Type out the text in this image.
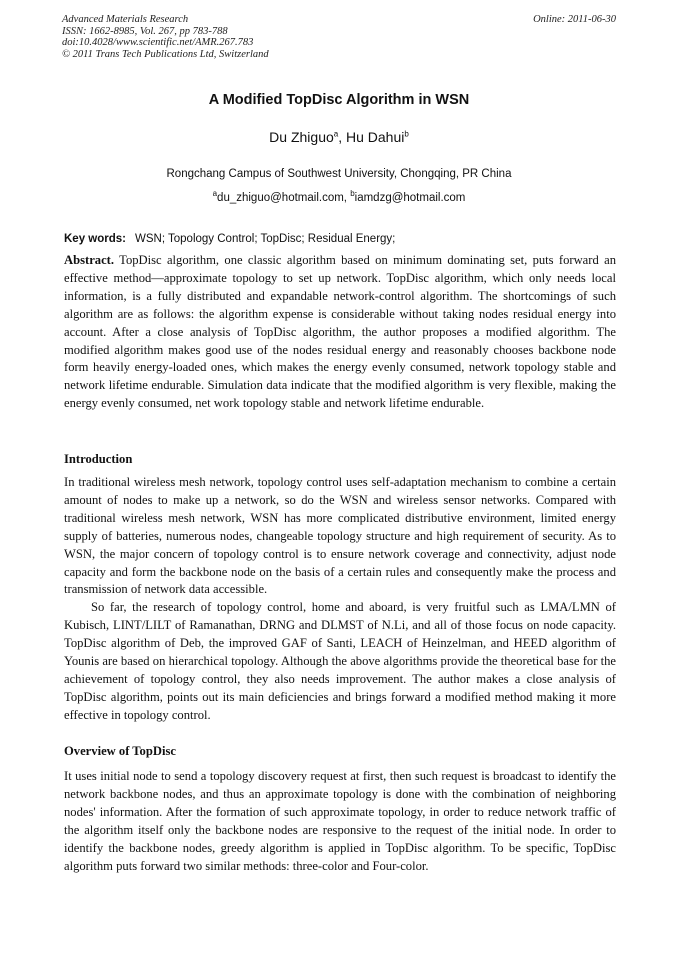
Advanced Materials Research
ISSN: 1662-8985, Vol. 267, pp 783-788
doi:10.4028/www.scientific.net/AMR.267.783
© 2011 Trans Tech Publications Ltd, Switzerland
Online: 2011-06-30
A Modified TopDisc Algorithm in WSN
Du Zhiguo$^a$, Hu Dahui$^b$
Rongchang Campus of Southwest University, Chongqing, PR China
$^a$du_zhiguo@hotmail.com, $^b$iamdzg@hotmail.com
Key words: WSN; Topology Control; TopDisc; Residual Energy;
Abstract. TopDisc algorithm, one classic algorithm based on minimum dominating set, puts forward an effective method—approximate topology to set up network. TopDisc algorithm, which only needs local information, is a fully distributed and expandable network-control algorithm. The shortcomings of such algorithm are as follows: the algorithm expense is considerable without taking nodes residual energy into account. After a close analysis of TopDisc algorithm, the author proposes a modified algorithm. The modified algorithm makes good use of the nodes residual energy and reasonably chooses backbone node form heavily energy-loaded ones, which makes the energy evenly consumed, network topology stable and network lifetime endurable. Simulation data indicate that the modified algorithm is very flexible, making the energy evenly consumed, net work topology stable and network lifetime endurable.
Introduction

In traditional wireless mesh network, topology control uses self-adaptation mechanism to combine a certain amount of nodes to make up a network, so do the WSN and wireless sensor networks. Compared with traditional wireless mesh network, WSN has more complicated distributive environment, limited energy supply of batteries, numerous nodes, changeable topology structure and high requirement of security. As to WSN, the major concern of topology control is to ensure network coverage and connectivity, adjust node capacity and form the backbone node on the basis of a certain rules and consequently make the process and transmission of network data accessible.

So far, the research of topology control, home and aboard, is very fruitful such as LMA/LMN of Kubisch, LINT/LILT of Ramanathan, DRNG and DLMST of N.Li, and all of those focus on node capacity. TopDisc algorithm of Deb, the improved GAF of Santi, LEACH of Heinzelman, and HEED algorithm of Younis are based on hierarchical topology. Although the above algorithms provide the theoretical base for the achievement of topology control, they also needs improvement. The author makes a close analysis of TopDisc algorithm, points out its main deficiencies and brings forward a modified method making it more effective in topology control.

Overview of TopDisc

It uses initial node to send a topology discovery request at first, then such request is broadcast to identify the network backbone nodes, and thus an approximate topology is done with the combination of neighboring nodes' information. After the formation of such approximate topology, in order to reduce network traffic of the algorithm itself only the backbone nodes are responsive to the request of the initial node. In order to identify the backbone nodes, greedy algorithm is applied in TopDisc algorithm. To be specific, TopDisc algorithm puts forward two similar methods: three-color and Four-color.
